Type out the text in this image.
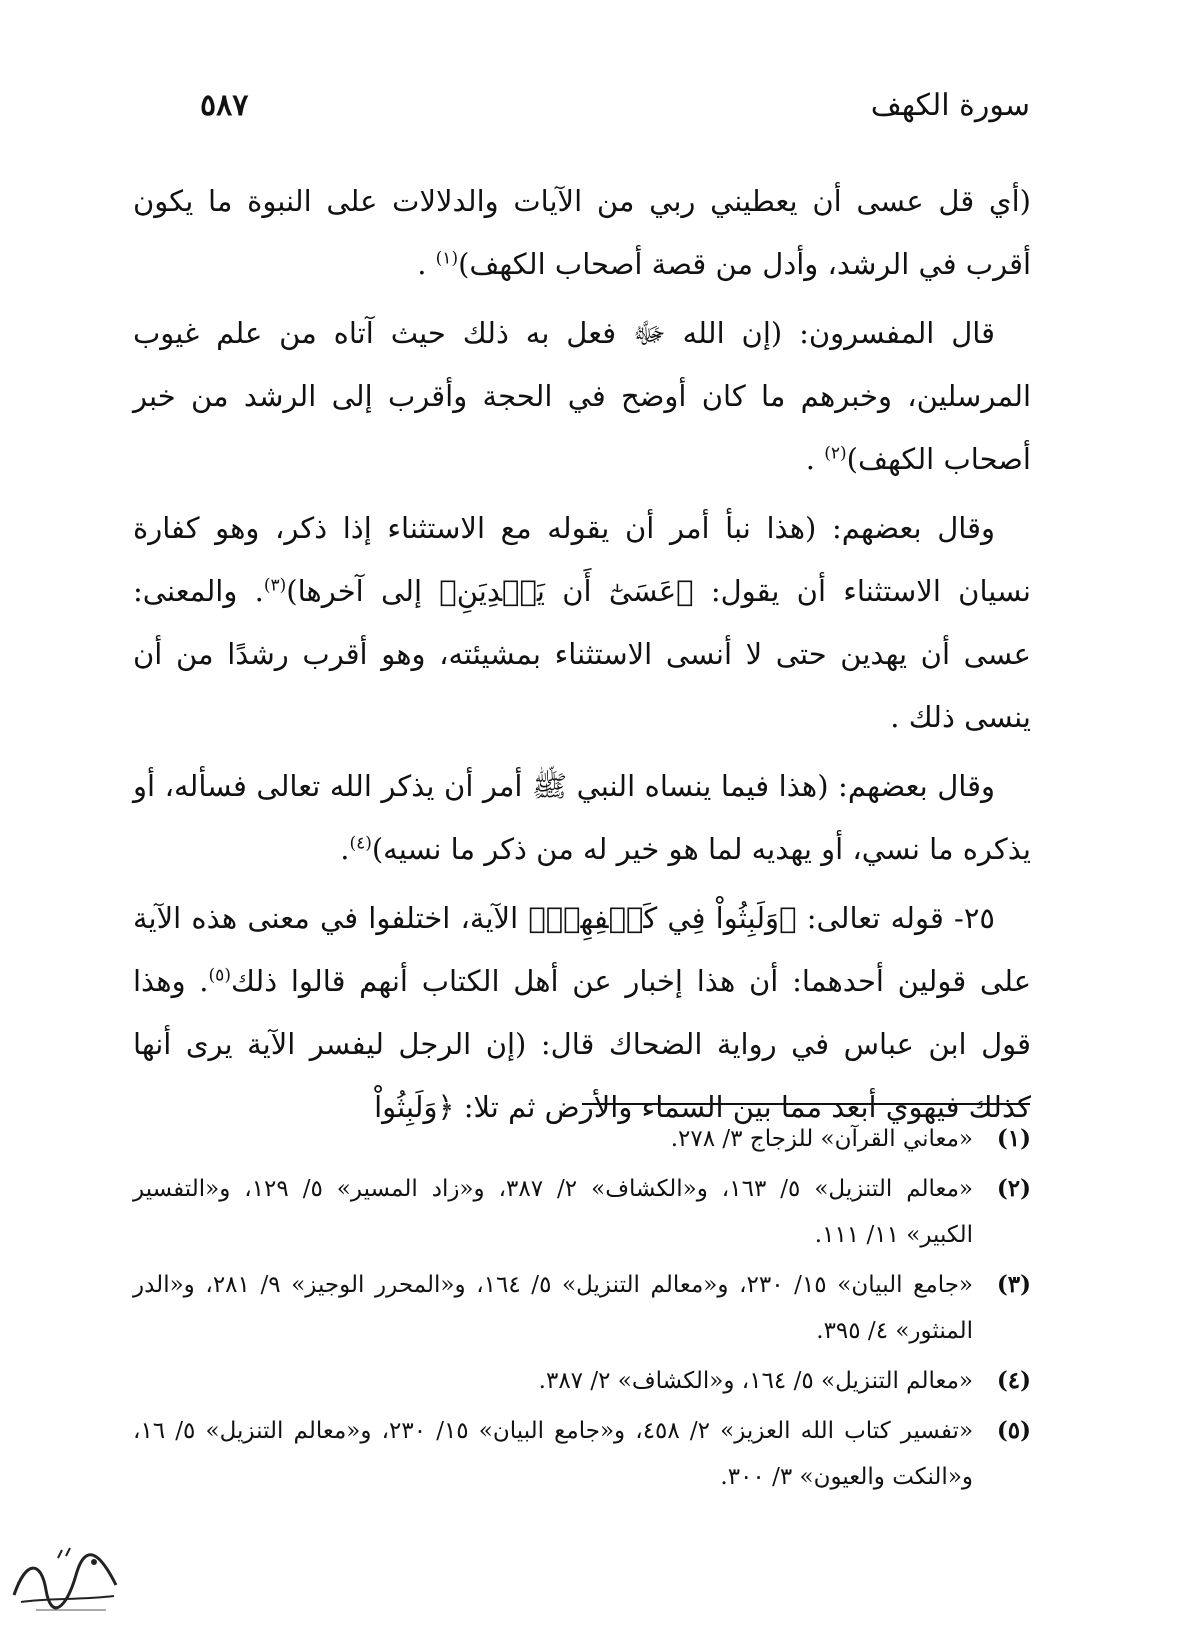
سورة الكهف
٥٨٧

(أي قل عسى أن يعطيني ربي من الآيات والدلالات على النبوة ما يكون أقرب في الرشد، وأدل من قصة أصحاب الكهف)$^{(١)}$ .

قال المفسرون: (إن الله ﷻ فعل به ذلك حيث آتاه من علم غيوب المرسلين، وخبرهم ما كان أوضح في الحجة وأقرب إلى الرشد من خبر أصحاب الكهف)$^{(٢)}$ .

وقال بعضهم: (هذا نبأ أمر أن يقوله مع الاستثناء إذا ذكر، وهو كفارة نسيان الاستثناء أن يقول: ﴿عَسَىٰٓ أَن يَهۡدِيَنِ﴾ إلى آخرها)$^{(٣)}$. والمعنى: عسى أن يهدين حتى لا أنسى الاستثناء بمشيئته، وهو أقرب رشدًا من أن ينسى ذلك .

وقال بعضهم: (هذا فيما ينساه النبي ﷺ أمر أن يذكر الله تعالى فسأله، أو يذكره ما نسي، أو يهديه لما هو خير له من ذكر ما نسيه)$^{(٤)}$.

٢٥- قوله تعالى: ﴿وَلَبِثُواْ فِي كَهۡفِهِمۡ﴾ الآية، اختلفوا في معنى هذه الآية على قولين أحدهما: أن هذا إخبار عن أهل الكتاب أنهم قالوا ذلك$^{(٥)}$. وهذا قول ابن عباس في رواية الضحاك قال: (إن الرجل ليفسر الآية يرى أنها كذلك فيهوي أبعد مما بين السماء والأرض ثم تلا: ﴿وَلَبِثُواْ

(١)
«معاني القرآن» للزجاج ٣/ ٢٧٨.
(٢)
«معالم التنزيل» ٥/ ١٦٣، و«الكشاف» ٢/ ٣٨٧، و«زاد المسير» ٥/ ١٢٩، و«التفسير الكبير» ١١/ ١١١.
(٣)
«جامع البيان» ١٥/ ٢٣٠، و«معالم التنزيل» ٥/ ١٦٤، و«المحرر الوجيز» ٩/ ٢٨١، و«الدر المنثور» ٤/ ٣٩٥.
(٤)
«معالم التنزيل» ٥/ ١٦٤، و«الكشاف» ٢/ ٣٨٧.
(٥)
«تفسير كتاب الله العزيز» ٢/ ٤٥٨، و«جامع البيان» ١٥/ ٢٣٠، و«معالم التنزيل» ٥/ ١٦، و«النكت والعيون» ٣/ ٣٠٠.
